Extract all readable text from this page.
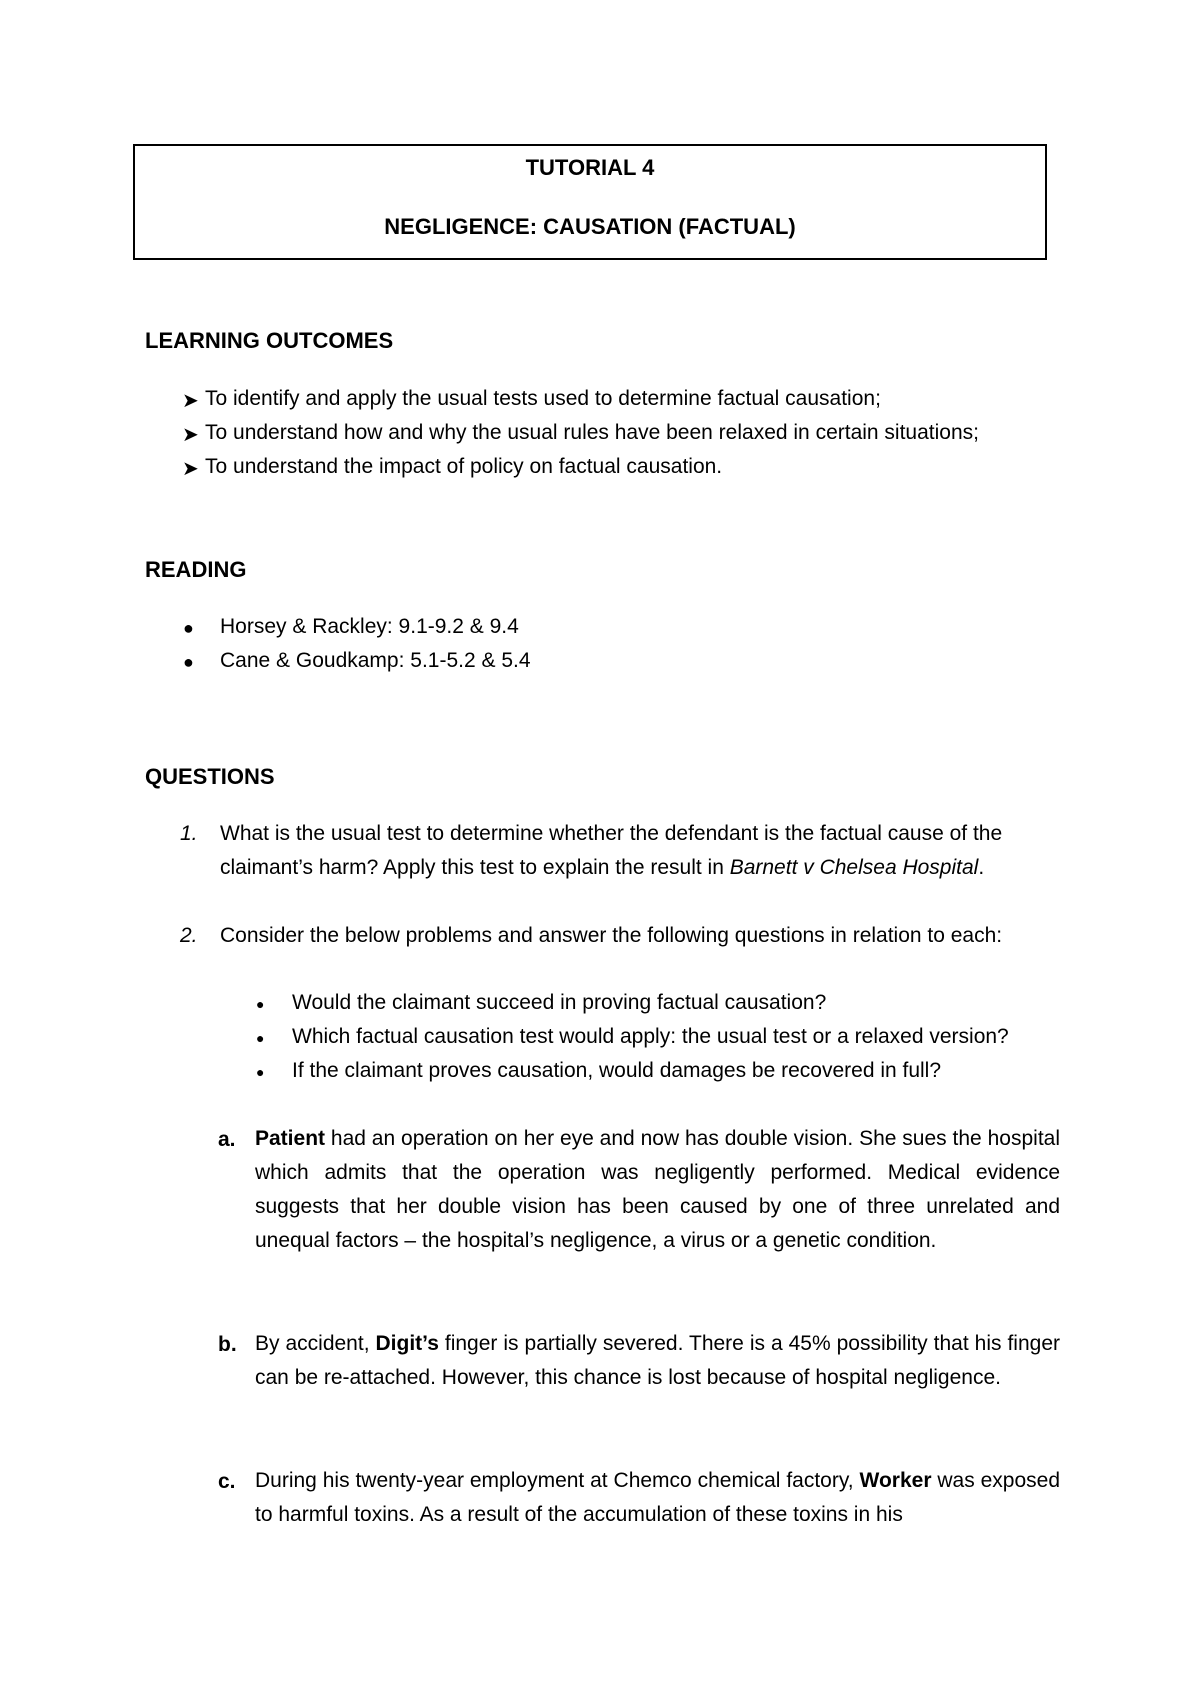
TUTORIAL 4
NEGLIGENCE: CAUSATION (FACTUAL)
LEARNING OUTCOMES
➤ To identify and apply the usual tests used to determine factual causation;
➤ To understand how and why the usual rules have been relaxed in certain situations;
➤ To understand the impact of policy on factual causation.
READING
● Horsey & Rackley: 9.1-9.2 & 9.4
● Cane & Goudkamp: 5.1-5.2 & 5.4
QUESTIONS
1. What is the usual test to determine whether the defendant is the factual cause of the
claimant’s harm? Apply this test to explain the result in Barnett v Chelsea Hospital.
2. Consider the below problems and answer the following questions in relation to each:
● Would the claimant succeed in proving factual causation?
● Which factual causation test would apply: the usual test or a relaxed version?
● If the claimant proves causation, would damages be recovered in full?
a. Patient had an operation on her eye and now has double vision. She sues the hospital which admits that the operation was negligently performed. Medical evidence suggests that her double vision has been caused by one of three unrelated and unequal factors – the hospital’s negligence, a virus or a genetic condition.
b. By accident, Digit’s finger is partially severed. There is a 45% possibility that his finger can be re-attached. However, this chance is lost because of hospital negligence.
c. During his twenty-year employment at Chemco chemical factory, Worker was exposed to harmful toxins. As a result of the accumulation of these toxins in his
